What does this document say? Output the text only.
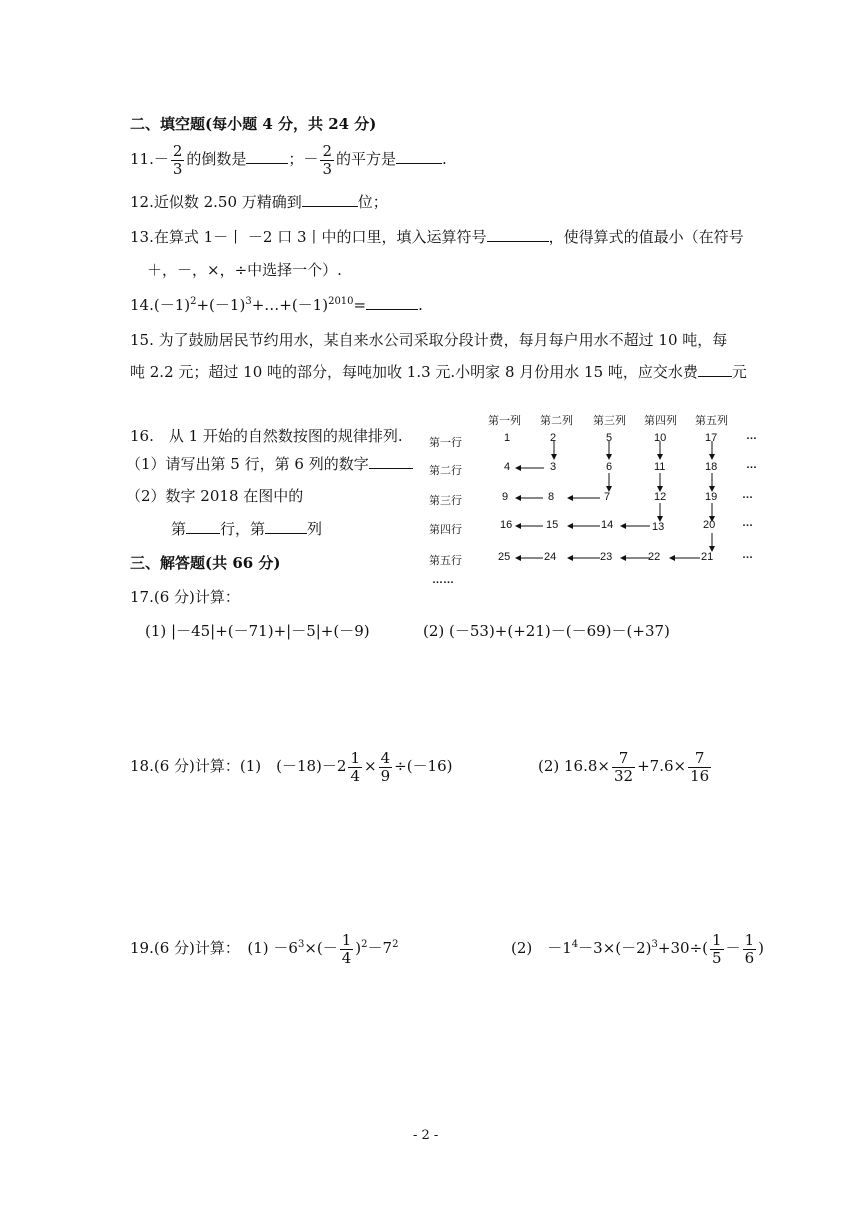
二、填空题(每小题 4 分，共 24 分)
$11.- \frac{2}{3}$ 的倒数是	；－ $\frac{2}{3}$ 的平方是	.
12.近似数 2.50 万精确到	位；
13.在算式 1－丨 －2 口 3丨中的口里，填入运算符号	，使得算式的值最小（在符号
＋，－，×，÷中选择一个）.
$14.(-1)^2+(-1)^3+\dots+(-1)^{2010}=$	.
15. 为了鼓励居民节约用水，某自来水公司采取分段计费，每月每户用水不超过 10 吨，每
吨 2.2 元；超过 10 吨的部分，每吨加收 1.3 元.小明家 8 月份用水 15 吨，应交水费 元
16.　从 1 开始的自然数按图的规律排列.
（1）请写出第 5 行，第 6 列的数字
（2）数字 2018 在图中的
第 行，第	列
第一列 第二列 第三列 第四列 第五列
第一行
第二行
第三行
第四行
第五行
1	2	5	10	17
4	3	6	11	18
9	8	7	12	19
16	15	14	13	20
25	24	23	22	21
…
…
…
…
…
……
三、解答题(共 66 分)
17.(6 分)计算：
(1) |－45|+(－71)+|－5|+(－9)	(2) (－53)+(+21)－(－69)－(+37)
18.(6 分)计算：(1)　$(-18)-2 \frac{1}{4} \times \frac{4}{9} \div(-16)$	(2) $16.8\times \frac{7}{32} +7.6\times \frac{7}{16}$
19.(6 分)计算：　$(1) -6^3\times(- \frac{1}{4} )^2-7^2$	(2)　$-1^4-3\times(-2)^3+30\div( \frac{1}{5} - \frac{1}{6}$ )
- 2 -
